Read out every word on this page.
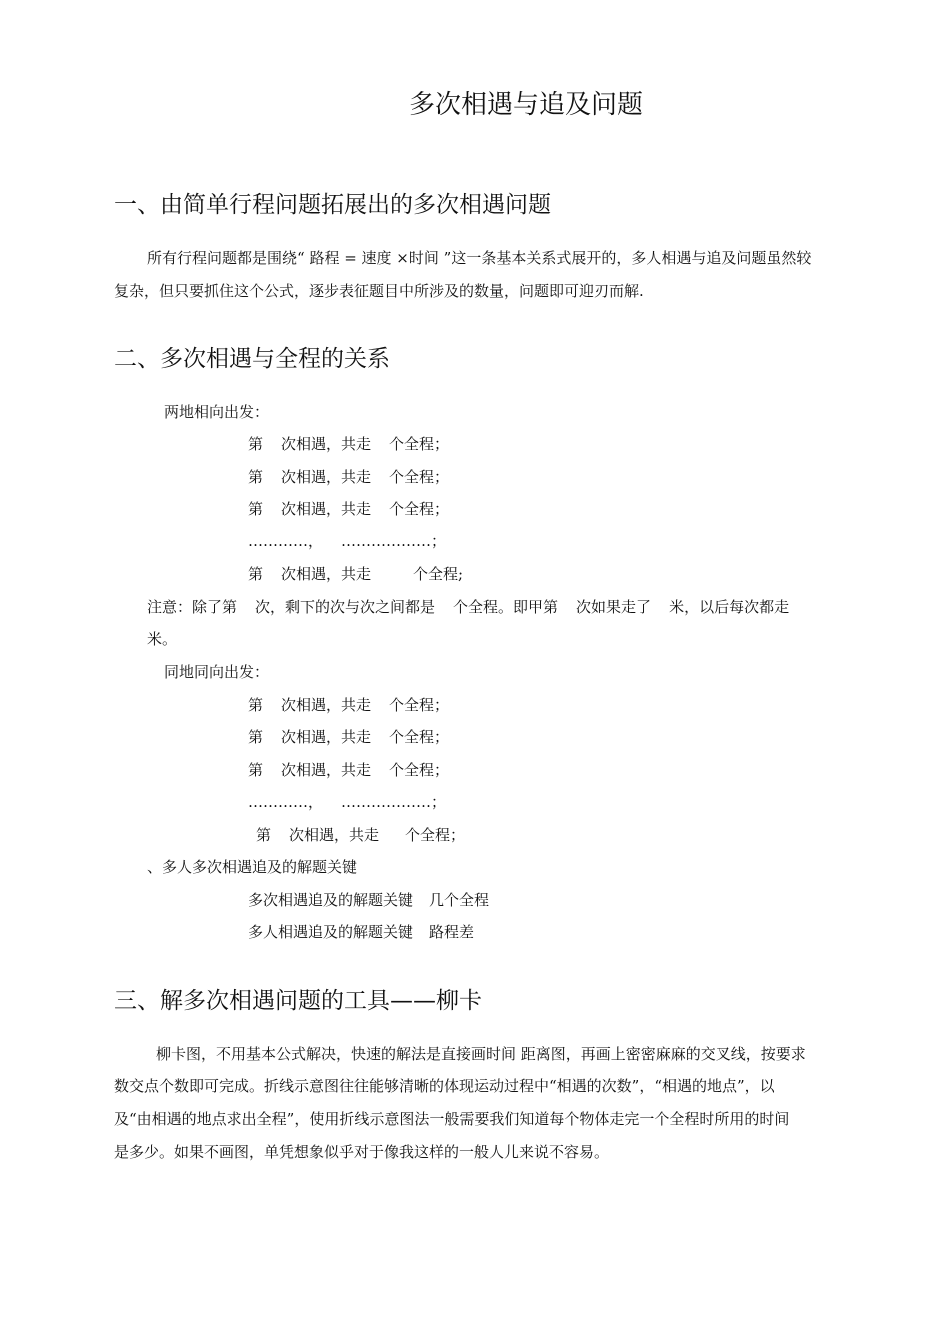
多次相遇与追及问题
一、由简单行程问题拓展出的多次相遇问题
所有行程问题都是围绕“ 路程 = 速度 ×时间 ”这一条基本关系式展开的，多人相遇与追及问题虽然较
复杂，但只要抓住这个公式，逐步表征题目中所涉及的数量，问题即可迎刃而解.
二、多次相遇与全程的关系
两地相向出发：
第 次相遇，共走 个全程；
第 次相遇，共走 个全程；
第 次相遇，共走 个全程；
…………， ………………；
第 次相遇，共走	个全程;
注意：除了第 次，剩下的次与次之间都是 个全程。即甲第 次如果走了 米，以后每次都走
米。
同地同向出发：
第 次相遇，共走 个全程；
第 次相遇，共走 个全程；
第 次相遇，共走 个全程；
…………， ………………；
第 次相遇，共走 个全程；
、多人多次相遇追及的解题关键
多次相遇追及的解题关键 几个全程
多人相遇追及的解题关键 路程差
三、解多次相遇问题的工具——柳卡
柳卡图，不用基本公式解决，快速的解法是直接画时间 距离图，再画上密密麻麻的交叉线，按要求
数交点个数即可完成。折线示意图往往能够清晰的体现运动过程中“相遇的次数”，“相遇的地点”，以
及“由相遇的地点求出全程”，使用折线示意图法一般需要我们知道每个物体走完一个全程时所用的时间
是多少。如果不画图，单凭想象似乎对于像我这样的一般人儿来说不容易。
